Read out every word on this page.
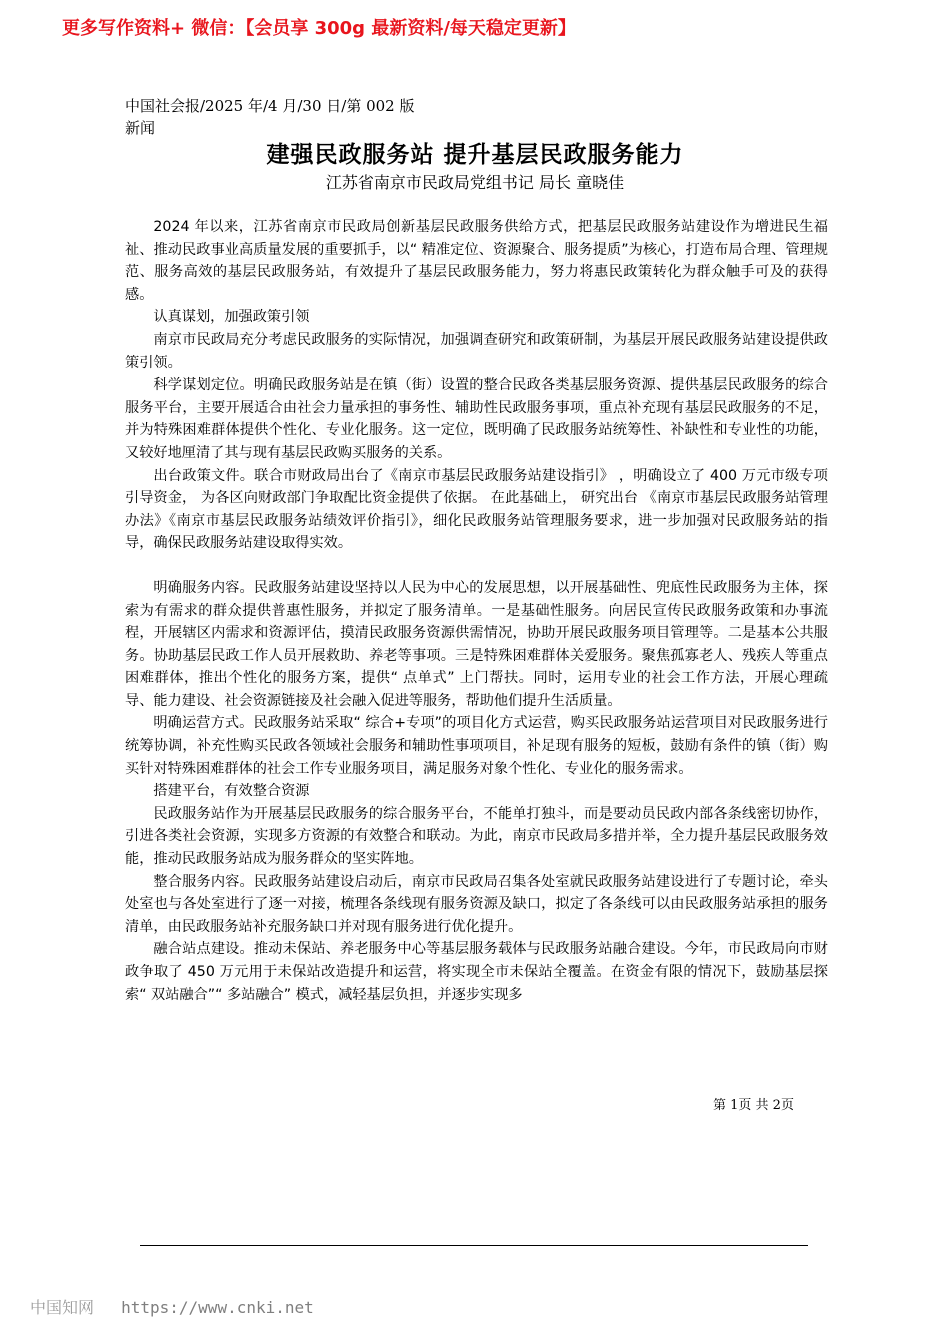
更多写作资料+ 微信：【会员享 300g 最新资料/每天稳定更新】
中国社会报/2025 年/4 月/30 日/第 002 版新闻
建强民政服务站 提升基层民政服务能力
江苏省南京市民政局党组书记 局长 童晓佳

2024 年以来，江苏省南京市民政局创新基层民政服务供给方式，把基层民政服务站建设作为增进民生福祉、推动民政事业高质量发展的重要抓手，以“ 精准定位、资源聚合、服务提质”为核心，打造布局合理、管理规范、服务高效的基层民政服务站，有效提升了基层民政服务能力，努力将惠民政策转化为群众触手可及的获得感。

认真谋划，加强政策引领

南京市民政局充分考虑民政服务的实际情况，加强调查研究和政策研制，为基层开展民政服务站建设提供政策引领。

科学谋划定位。明确民政服务站是在镇（街）设置的整合民政各类基层服务资源、提供基层民政服务的综合服务平台，主要开展适合由社会力量承担的事务性、辅助性民政服务事项，重点补充现有基层民政服务的不足，并为特殊困难群体提供个性化、专业化服务。这一定位，既明确了民政服务站统筹性、补缺性和专业性的功能，又较好地厘清了其与现有基层民政购买服务的关系。

出台政策文件。联合市财政局出台了《南京市基层民政服务站建设指引》 ，明确设立了 400 万元市级专项引导资金， 为各区向财政部门争取配比资金提供了依据。 在此基础上， 研究出台 《南京市基层民政服务站管理办法》《南京市基层民政服务站绩效评价指引》，细化民政服务站管理服务要求，进一步加强对民政服务站的指导，确保民政服务站建设取得实效。

明确服务内容。民政服务站建设坚持以人民为中心的发展思想，以开展基础性、兜底性民政服务为主体，探索为有需求的群众提供普惠性服务，并拟定了服务清单。一是基础性服务。向居民宣传民政服务政策和办事流程，开展辖区内需求和资源评估，摸清民政服务资源供需情况，协助开展民政服务项目管理等。二是基本公共服务。协助基层民政工作人员开展救助、养老等事项。三是特殊困难群体关爱服务。聚焦孤寡老人、残疾人等重点困难群体，推出个性化的服务方案，提供“ 点单式” 上门帮扶。同时，运用专业的社会工作方法，开展心理疏导、能力建设、社会资源链接及社会融入促进等服务，帮助他们提升生活质量。

明确运营方式。民政服务站采取“ 综合+专项”的项目化方式运营，购买民政服务站运营项目对民政服务进行统筹协调，补充性购买民政各领域社会服务和辅助性事项项目，补足现有服务的短板，鼓励有条件的镇（街）购买针对特殊困难群体的社会工作专业服务项目，满足服务对象个性化、专业化的服务需求。

搭建平台，有效整合资源

民政服务站作为开展基层民政服务的综合服务平台，不能单打独斗，而是要动员民政内部各条线密切协作，引进各类社会资源，实现多方资源的有效整合和联动。为此，南京市民政局多措并举，全力提升基层民政服务效能，推动民政服务站成为服务群众的坚实阵地。

整合服务内容。民政服务站建设启动后，南京市民政局召集各处室就民政服务站建设进行了专题讨论，牵头处室也与各处室进行了逐一对接，梳理各条线现有服务资源及缺口，拟定了各条线可以由民政服务站承担的服务清单，由民政服务站补充服务缺口并对现有服务进行优化提升。

融合站点建设。推动未保站、养老服务中心等基层服务载体与民政服务站融合建设。今年，市民政局向市财政争取了 450 万元用于未保站改造提升和运营，将实现全市未保站全覆盖。在资金有限的情况下，鼓励基层探索“ 双站融合”“ 多站融合” 模式，减轻基层负担，并逐步实现多

第 1页 共 2页
中国知网 https://www.cnki.net
